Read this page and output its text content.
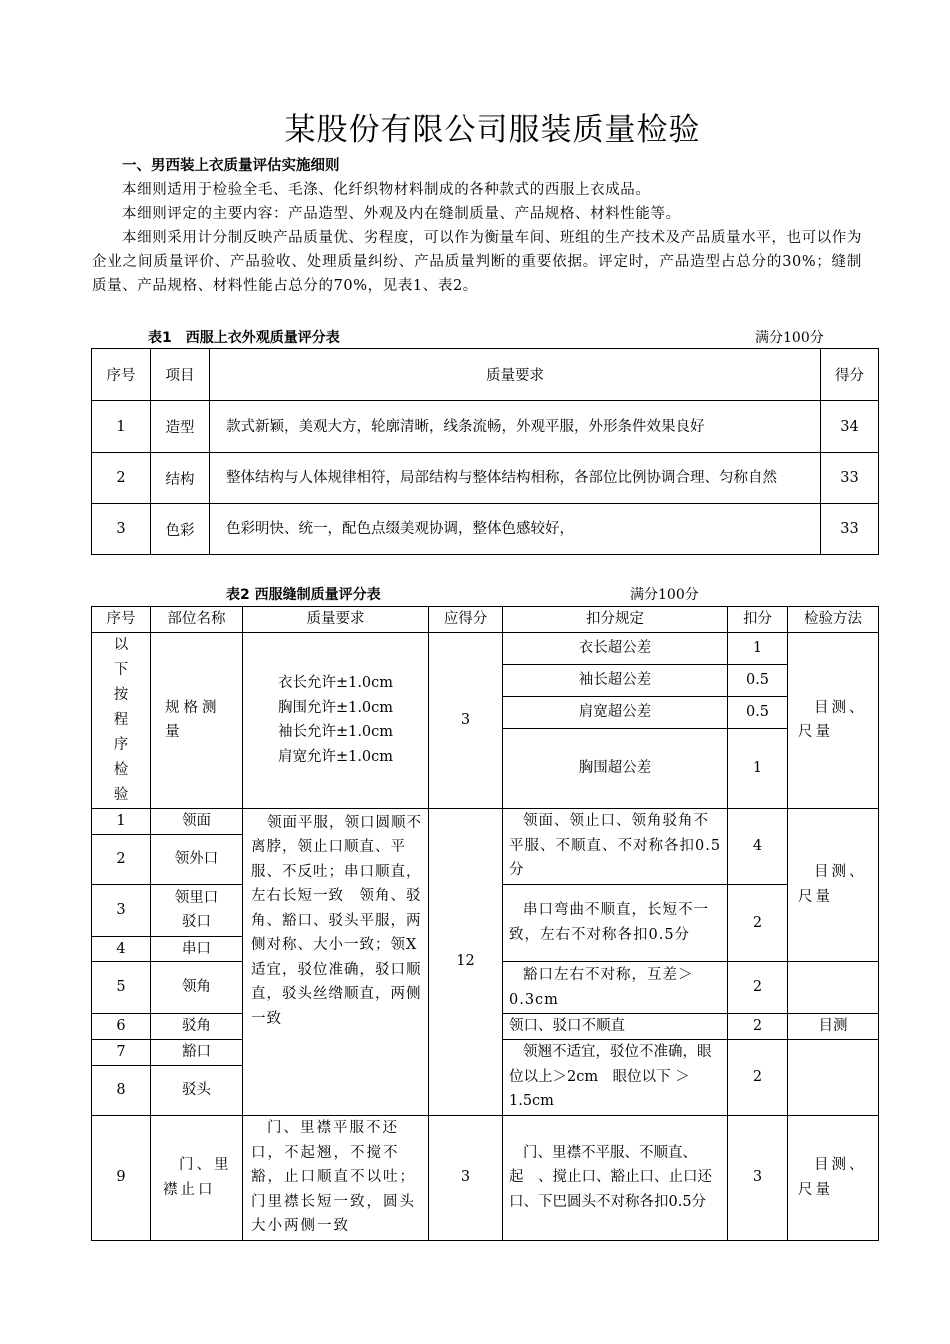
某股份有限公司服装质量检验
一、男西装上衣质量评估实施细则
本细则适用于检验全毛、毛涤、化纤织物材料制成的各种款式的西服上衣成品。
本细则评定的主要内容：产品造型、外观及内在缝制质量、产品规格、材料性能等。
本细则采用计分制反映产品质量优、劣程度，可以作为衡量车间、班组的生产技术及产品质量水平，也可以作为企业之间质量评价、产品验收、处理质量纠纷、产品质量判断的重要依据。评定时，产品造型占总分的30%；缝制质量、产品规格、材料性能占总分的70%，见表1、表2。
表1　西服上衣外观质量评分表	满分100分
序号	项目	质量要求	得分
1	造型	款式新颖，美观大方，轮廓清晰，线条流畅，外观平服，外形条件效果良好	34
2	结构	整体结构与人体规律相符，局部结构与整体结构相称，各部位比例协调合理、匀称自然	33
3	色彩	色彩明快、统一，配色点缀美观协调，整体色感较好，	33
表2 西服缝制质量评分表	满分100分
序号	部位名称	质量要求	应得分	扣分规定	扣分	检验方法

以下按程序检验	规格测量	衣长允许±1.0cm
胸围允许±1.0cm
袖长允许±1.0cm
肩宽允许±1.0cm	3	衣长超公差	1	目测、尺量
				袖长超公差	0.5	
				肩宽超公差	0.5	
				胸围超公差	1	
1	领面	领面平服，领口圆顺不离脖，领止口顺直、平服、不反吐；串口顺直，左右长短一致　领角、驳角、豁口、驳头平服，两侧对称、大小一致；领X适宜，驳位准确，驳口顺直，驳头丝绺顺直，两侧一致	12	领面、领止口、领角驳角不平服、不顺直、不对称各扣0.5分	4	目测、尺量
2	领外口					
3	领里口驳口			串口弯曲不顺直，长短不一致，左右不对称各扣0.5分	2	
4	串口					
5	领角			豁口左右不对称，互差＞0.3cm	2	
6	驳角			领口、驳口不顺直	2	目测
7	豁口			领翘不适宜，驳位不准确，眼位以上＞2cm　眼位以下 ＞1.5cm	2	
8	驳头					
9	门、里襟止口	门、里襟平服不还口，不起翘，不搅不豁，止口顺直不以吐；门里襟长短一致，圆头大小两侧一致	3	门、里襟不平服、不顺直、起　、搅止口、豁止口、止口还口、下巴圆头不对称各扣0.5分	3	目测、尺量
